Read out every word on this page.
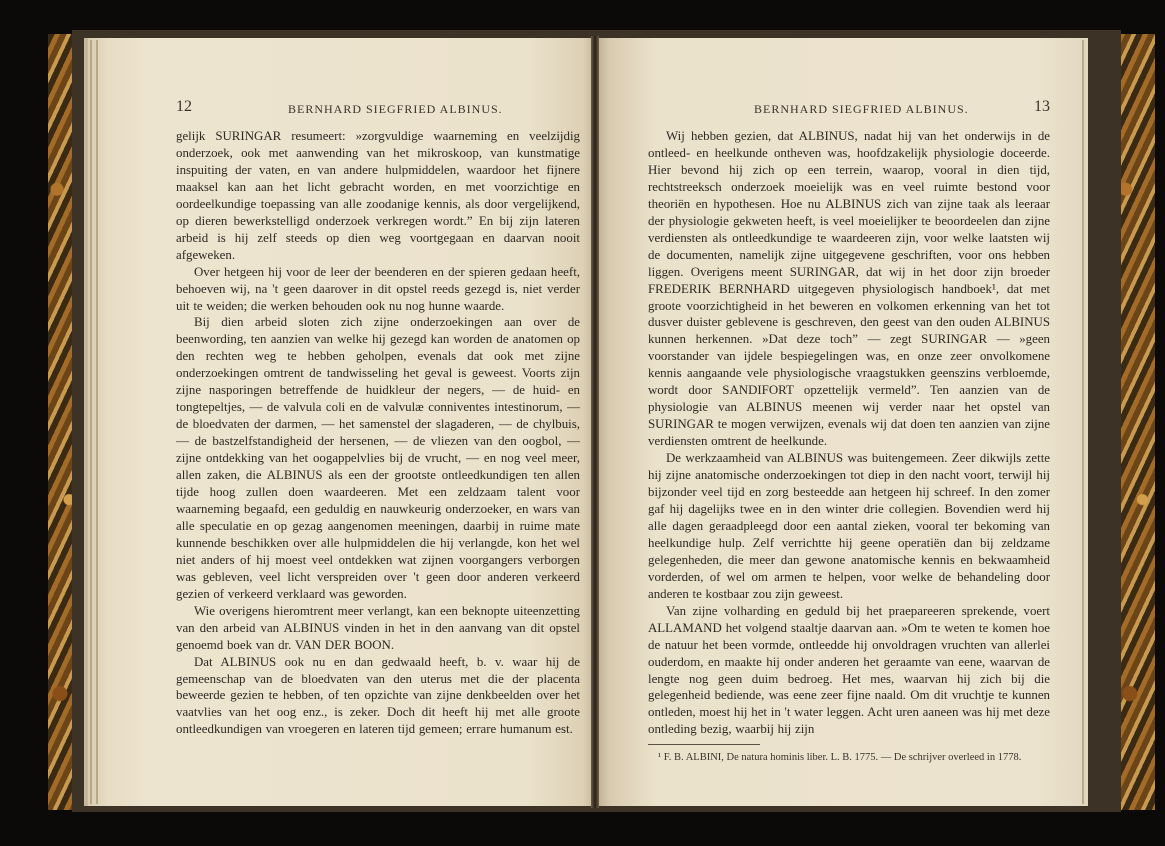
12	BERNHARD SIEGFRIED ALBINUS.

gelijk SURINGAR resumeert: »zorgvuldige waarneming en veelzijdig onderzoek, ook met aanwending van het mikroskoop, van kunstmatige inspuiting der vaten, en van andere hulpmiddelen, waardoor het fijnere maaksel kan aan het licht gebracht worden, en met voorzichtige en oordeelkundige toepassing van alle zoodanige kennis, als door vergelijkend, op dieren bewerkstelligd onderzoek verkregen wordt.” En bij zijn lateren arbeid is hij zelf steeds op dien weg voortgegaan en daarvan nooit afgeweken.

Over hetgeen hij voor de leer der beenderen en der spieren gedaan heeft, behoeven wij, na 't geen daarover in dit opstel reeds gezegd is, niet verder uit te weiden; die werken behouden ook nu nog hunne waarde.

Bij dien arbeid sloten zich zijne onderzoekingen aan over de beenwording, ten aanzien van welke hij gezegd kan worden de anatomen op den rechten weg te hebben geholpen, evenals dat ook met zijne onderzoekingen omtrent de tandwisseling het geval is geweest. Voorts zijn zijne nasporingen betreffende de huidkleur der negers, — de huid- en tongtepeltjes, — de valvula coli en de valvulæ conniventes intestinorum, — de bloedvaten der darmen, — het samenstel der slagaderen, — de chylbuis, — de bastzelfstandigheid der hersenen, — de vliezen van den oogbol, — zijne ontdekking van het oogappelvlies bij de vrucht, — en nog veel meer, allen zaken, die ALBINUS als een der grootste ontleedkundigen ten allen tijde hoog zullen doen waardeeren. Met een zeldzaam talent voor waarneming begaafd, een geduldig en nauwkeurig onderzoeker, en wars van alle speculatie en op gezag aangenomen meeningen, daarbij in ruime mate kunnende beschikken over alle hulpmiddelen die hij verlangde, kon het wel niet anders of hij moest veel ontdekken wat zijnen voorgangers verborgen was gebleven, veel licht verspreiden over 't geen door anderen verkeerd gezien of verkeerd verklaard was geworden.

Wie overigens hieromtrent meer verlangt, kan een beknopte uiteenzetting van den arbeid van ALBINUS vinden in het in den aanvang van dit opstel genoemd boek van dr. VAN DER BOON.

Dat ALBINUS ook nu en dan gedwaald heeft, b. v. waar hij de gemeenschap van de bloedvaten van den uterus met die der placenta beweerde gezien te hebben, of ten opzichte van zijne denkbeelden over het vaatvlies van het oog enz., is zeker. Doch dit heeft hij met alle groote ontleedkundigen van vroegeren en lateren tijd gemeen; errare humanum est.

BERNHARD SIEGFRIED ALBINUS.	13

Wij hebben gezien, dat ALBINUS, nadat hij van het onderwijs in de ontleed- en heelkunde ontheven was, hoofdzakelijk physiologie doceerde. Hier bevond hij zich op een terrein, waarop, vooral in dien tijd, rechtstreeksch onderzoek moeielijk was en veel ruimte bestond voor theoriën en hypothesen. Hoe nu ALBINUS zich van zijne taak als leeraar der physiologie gekweten heeft, is veel moeielijker te beoordeelen dan zijne verdiensten als ontleedkundige te waardeeren zijn, voor welke laatsten wij de documenten, namelijk zijne uitgegevene geschriften, voor ons hebben liggen. Overigens meent SURINGAR, dat wij in het door zijn broeder FREDERIK BERNHARD uitgegeven physiologisch handboek¹, dat met groote voorzichtigheid in het beweren en volkomen erkenning van het tot dusver duister geblevene is geschreven, den geest van den ouden ALBINUS kunnen herkennen. »Dat deze toch” — zegt SURINGAR — »geen voorstander van ijdele bespiegelingen was, en onze zeer onvolkomene kennis aangaande vele physiologische vraagstukken geenszins verbloemde, wordt door SANDIFORT opzettelijk vermeld”. Ten aanzien van de physiologie van ALBINUS meenen wij verder naar het opstel van SURINGAR te mogen verwijzen, evenals wij dat doen ten aanzien van zijne verdiensten omtrent de heelkunde.

De werkzaamheid van ALBINUS was buitengemeen. Zeer dikwijls zette hij zijne anatomische onderzoekingen tot diep in den nacht voort, terwijl hij bijzonder veel tijd en zorg besteedde aan hetgeen hij schreef. In den zomer gaf hij dagelijks twee en in den winter drie collegien. Bovendien werd hij alle dagen geraadpleegd door een aantal zieken, vooral ter bekoming van heelkundige hulp. Zelf verrichtte hij geene operatiën dan bij zeldzame gelegenheden, die meer dan gewone anatomische kennis en bekwaamheid vorderden, of wel om armen te helpen, voor welke de behandeling door anderen te kostbaar zou zijn geweest.

Van zijne volharding en geduld bij het praepareeren sprekende, voert ALLAMAND het volgend staaltje daarvan aan. »Om te weten te komen hoe de natuur het been vormde, ontleedde hij onvoldragen vruchten van allerlei ouderdom, en maakte hij onder anderen het geraamte van eene, waarvan de lengte nog geen duim bedroeg. Het mes, waarvan hij zich bij die gelegenheid bediende, was eene zeer fijne naald. Om dit vruchtje te kunnen ontleden, moest hij het in 't water leggen. Acht uren aaneen was hij met deze ontleding bezig, waarbij hij zijn

¹ F. B. ALBINI, De natura hominis liber. L. B. 1775. — De schrijver overleed in 1778.
